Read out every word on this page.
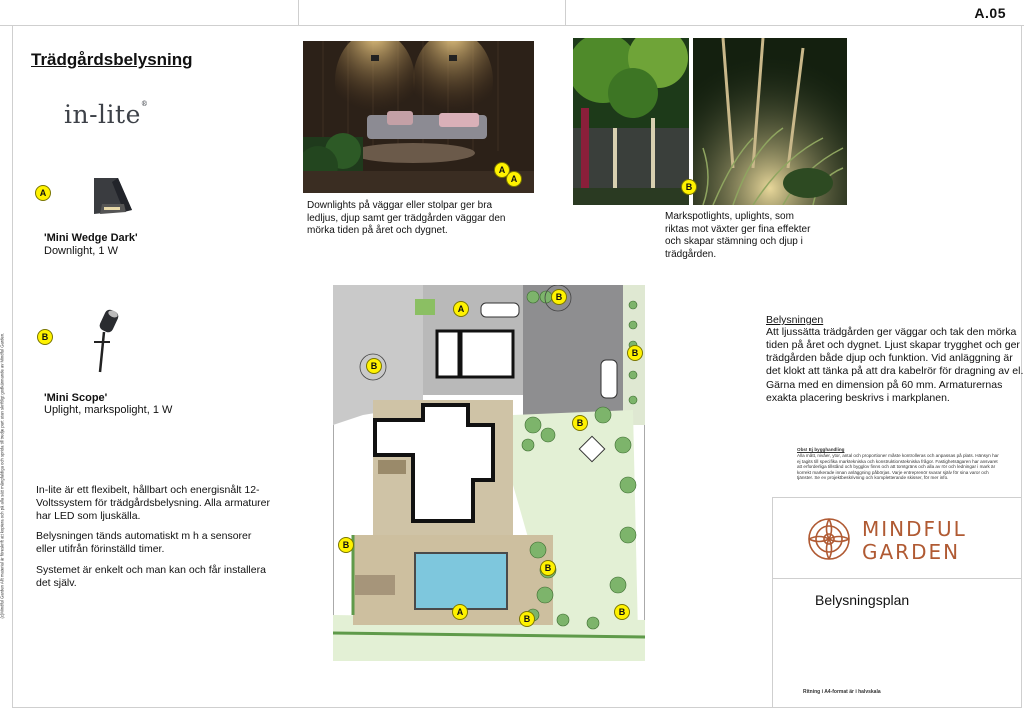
A.05
(c)Mindful Garden Allt material är föreskrift att kopiera och på alla sätt mångfaldiga och sprida till tredje part utan skriftligt godkännande av Mindful Garden.
Trädgårdsbelysning
in-lite®
A
'Mini Wedge Dark'
Downlight, 1 W
B
'Mini Scope'
Uplight, markspolight, 1 W
In-lite är ett flexibelt, hållbart och energisnålt 12-Voltssystem för trädgårdsbelysning. Alla armaturer har LED som ljuskälla.
Belysningen tänds automatiskt m h a sensorer eller utifrån förinställd timer.
Systemet är enkelt och man kan och får installera det själv.
A
A
Downlights på väggar eller stolpar ger bra ledljus, djup samt ger trädgården väggar den mörka tiden på året och dygnet.
B
Markspotlights, uplights, som riktas mot växter ger fina effekter och skapar stämning och djup i trädgården.
A
B
B
B
B
B
B
A
B
B
Belysningen
Att ljussätta trädgården ger väggar och tak den mörka tiden på året och dygnet. Ljust skapar trygghet och ger trädgården både djup och funktion. Vid anläggning är det klokt att tänka på att dra kabelrör för dragning av el. Gärna med en dimension på 60 mm. Armaturernas exakta placering beskrivs i markplanen.
Obs! Ej bygghandling
Alla mått, nivåer, ytor, antal och proportioner måste kontrolleras och anpassas på plats. Hänsyn har ej tagits till specifika marktekniska och konstruktionstekniska frågor. Fastighetsägaren har ansvaret att erforderliga tillstånd och bygglov finns och att tomtgräns och alla av rör och ledningar i mark är korrekt markerade innan anläggning påbörjas. Varje entreprenör svarar själv för sina varor och tjänster. Se ev projektbeskrivning och kompletterande skisser, för mer info.
MINDFUL
GARDEN
Belysningsplan
Ritning i A4-format är i halvskala
